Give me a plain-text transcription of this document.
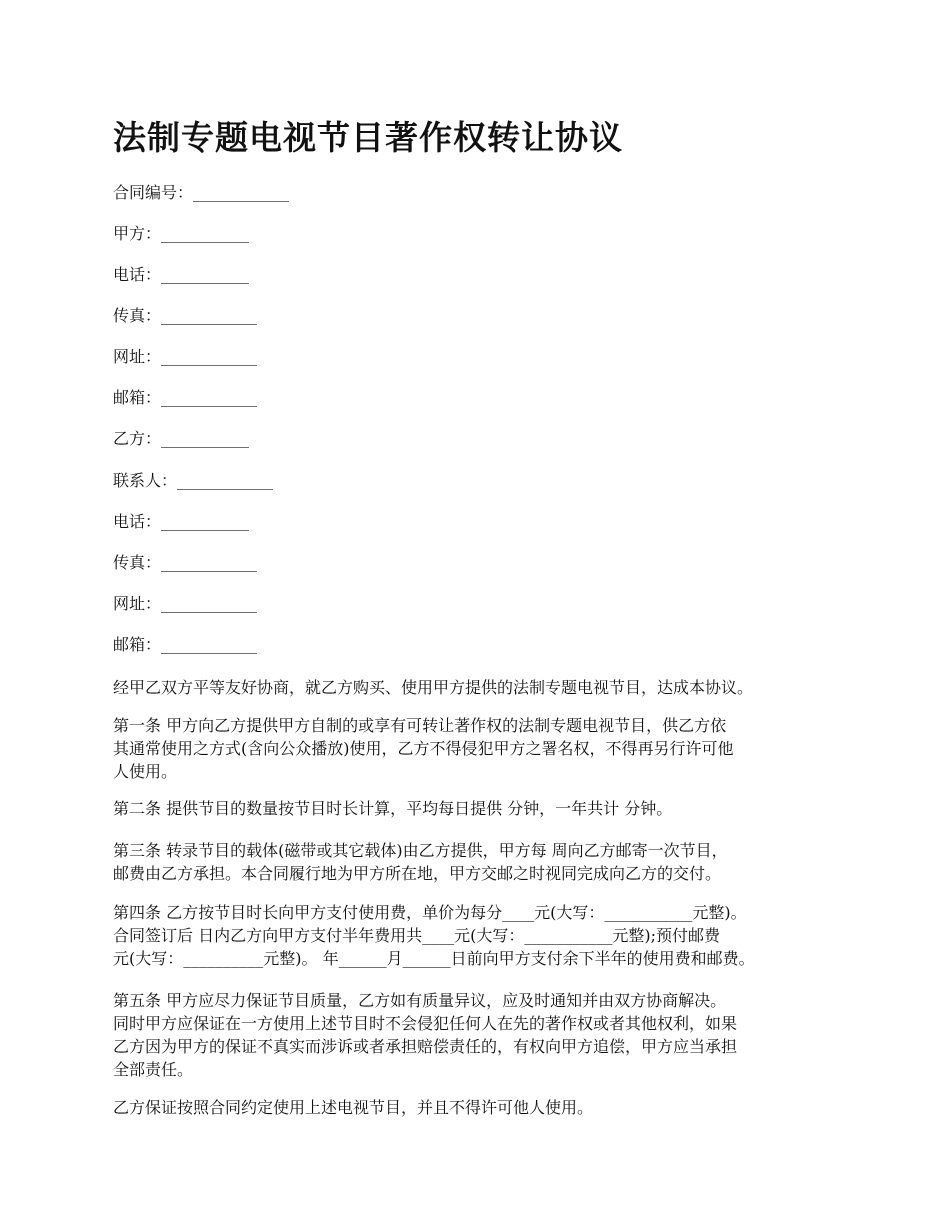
法制专题电视节目著作权转让协议

合同编号：____________

甲方：___________

电话：___________

传真：____________

网址：____________

邮箱：____________

乙方：___________

联系人：____________

电话：___________

传真：____________

网址：____________

邮箱：____________

经甲乙双方平等友好协商，就乙方购买、使用甲方提供的法制专题电视节目，达成本协议。

第一条 甲方向乙方提供甲方自制的或享有可转让著作权的法制专题电视节目，供乙方依
其通常使用之方式(含向公众播放)使用，乙方不得侵犯甲方之署名权，不得再另行许可他
人使用。

第二条 提供节目的数量按节目时长计算，平均每日提供 分钟，一年共计 分钟。

第三条 转录节目的载体(磁带或其它载体)由乙方提供，甲方每 周向乙方邮寄一次节目，
邮费由乙方承担。本合同履行地为甲方所在地，甲方交邮之时视同完成向乙方的交付。

第四条 乙方按节目时长向甲方支付使用费，单价为每分____元(大写：___________元整)。
合同签订后 日内乙方向甲方支付半年费用共____元(大写：___________元整);预付邮费
元(大写：__________元整)。 年______月______日前向甲方支付余下半年的使用费和邮费。

第五条 甲方应尽力保证节目质量，乙方如有质量异议，应及时通知并由双方协商解决。
同时甲方应保证在一方使用上述节目时不会侵犯任何人在先的著作权或者其他权利，如果
乙方因为甲方的保证不真实而涉诉或者承担赔偿责任的，有权向甲方追偿，甲方应当承担
全部责任。

乙方保证按照合同约定使用上述电视节目，并且不得许可他人使用。
